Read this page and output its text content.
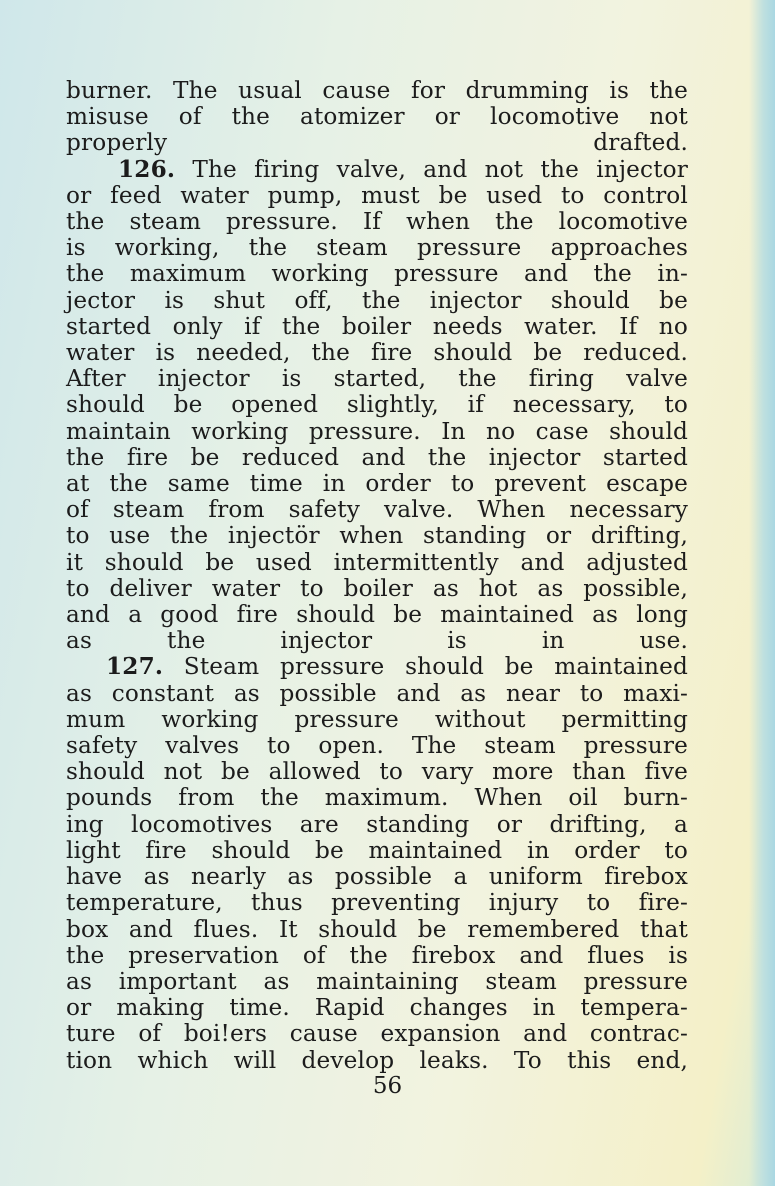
burner. The usual cause for drumming is the
misuse of the atomizer or locomotive not

properly drafted.

126. The firing valve, and not the injector
or feed water pump, must be used to control
the steam pressure. If when the locomotive
is working, the steam pressure approaches
the maximum working pressure and the in-
jector is shut off, the injector should be
started only if the boiler needs water. If no
water is needed, the fire should be reduced.
After injector is started, the firing valve
should be opened slightly, if necessary, to
maintain working pressure. In no case should
the fire be reduced and the injector started
at the same time in order to prevent escape
of steam from safety valve. When necessary
to use the injectör when standing or drifting,
it should be used intermittently and adjusted
to deliver water to boiler as hot as possible,
and a good fire should be maintained as long

as the injector is in use.

127. Steam pressure should be maintained
as constant as possible and as near to maxi-
mum working pressure without permitting
safety valves to open. The steam pressure
should not be allowed to vary more than five
pounds from the maximum. When oil burn-
ing locomotives are standing or drifting, a
light fire should be maintained in order to
have as nearly as possible a uniform firebox
temperature, thus preventing injury to fire-
box and flues. It should be remembered that
the preservation of the firebox and flues is
as important as maintaining steam pressure
or making time. Rapid changes in tempera-
ture of boi!ers cause expansion and contrac-
tion which will develop leaks. To this end,

56
